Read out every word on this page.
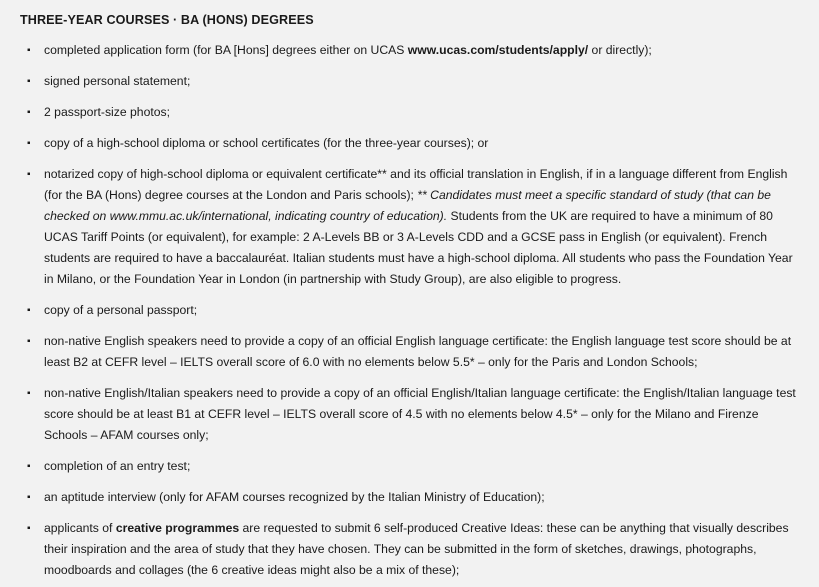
THREE-YEAR COURSES · BA (HONS) DEGREES
▪ completed application form (for BA [Hons] degrees either on UCAS www.ucas.com/students/apply/ or directly);
▪ signed personal statement;
▪ 2 passport-size photos;
▪ copy of a high-school diploma or school certificates (for the three-year courses); or
▪ notarized copy of high-school diploma or equivalent certificate** and its official translation in English, if in a language different from English (for the BA (Hons) degree courses at the London and Paris schools); ** Candidates must meet a specific standard of study (that can be checked on www.mmu.ac.uk/international, indicating country of education). Students from the UK are required to have a minimum of 80 UCAS Tariff Points (or equivalent), for example: 2 A-Levels BB or 3 A-Levels CDD and a GCSE pass in English (or equivalent). French students are required to have a baccalauréat. Italian students must have a high-school diploma. All students who pass the Foundation Year in Milano, or the Foundation Year in London (in partnership with Study Group), are also eligible to progress.
▪ copy of a personal passport;
▪ non-native English speakers need to provide a copy of an official English language certificate: the English language test score should be at least B2 at CEFR level – IELTS overall score of 6.0 with no elements below 5.5* – only for the Paris and London Schools;
▪ non-native English/Italian speakers need to provide a copy of an official English/Italian language certificate: the English/Italian language test score should be at least B1 at CEFR level – IELTS overall score of 4.5 with no elements below 4.5* – only for the Milano and Firenze Schools – AFAM courses only;
▪ completion of an entry test;
▪ an aptitude interview (only for AFAM courses recognized by the Italian Ministry of Education);
▪ applicants of creative programmes are requested to submit 6 self-produced Creative Ideas: these can be anything that visually describes their inspiration and the area of study that they have chosen. They can be submitted in the form of sketches, drawings, photographs, moodboards and collages (the 6 creative ideas might also be a mix of these);
